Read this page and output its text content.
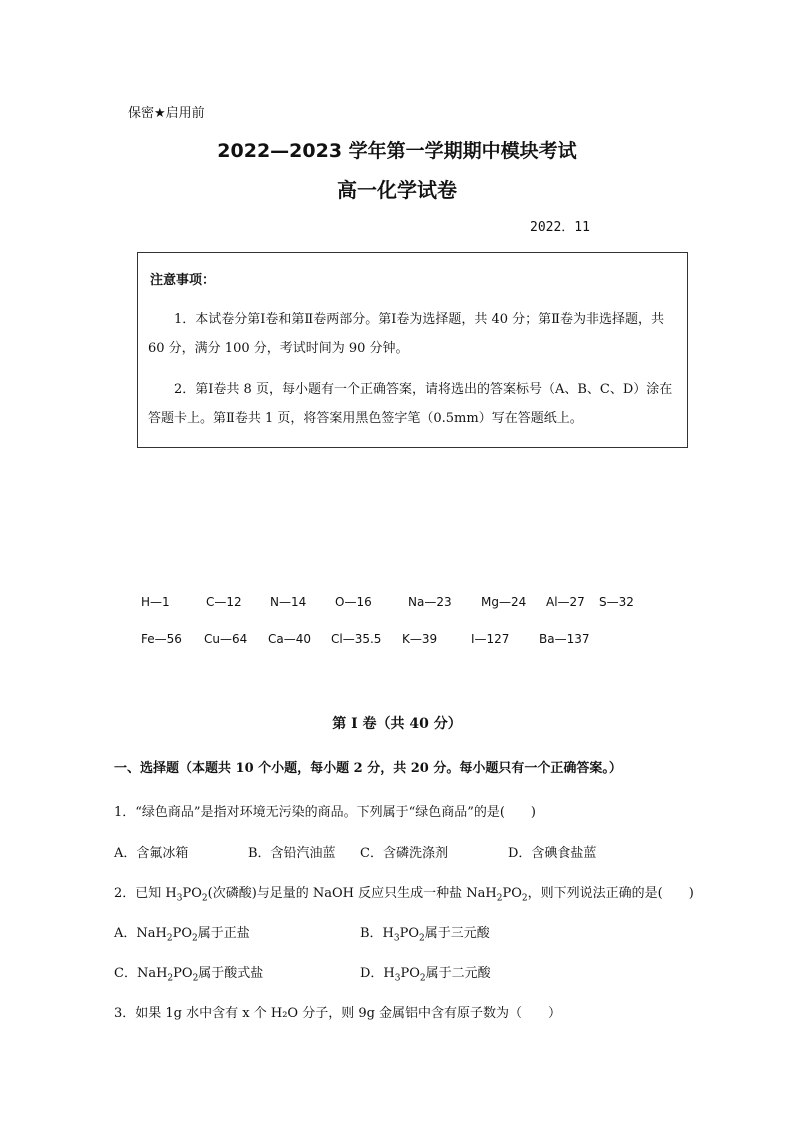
保密★启用前
2022—2023 学年第一学期期中模块考试
高一化学试卷
2022．11
注意事项：
1．本试卷分第Ⅰ卷和第Ⅱ卷两部分。第Ⅰ卷为选择题，共 40 分；第Ⅱ卷为非选择题，共 60 分，满分 100 分，考试时间为 90 分钟。
2．第Ⅰ卷共 8 页，每小题有一个正确答案，请将选出的答案标号（A、B、C、D）涂在答题卡上。第Ⅱ卷共 1 页，将答案用黑色签字笔（0.5mm）写在答题纸上。
H—1	C—12 N—14 O—16	Na—23 Mg—24 Al—27 S—32
Fe—56 Cu—64 Ca—40 Cl—35.5 K—39	I—127 Ba—137
第 I 卷（共 40 分）
一、选择题（本题共 10 个小题，每小题 2 分，共 20 分。每小题只有一个正确答案。）
1．“绿色商品”是指对环境无污染的商品。下列属于“绿色商品”的是(　　)
A．含氟冰箱	B．含铅汽油蓝 C．含磷洗涤剂	D．含碘食盐蓝
2．已知 $H_3PO_2$(次磷酸)与足量的 NaOH 反应只生成一种盐 $NaH_2PO_2$，则下列说法正确的是(　　)
A．$NaH_2PO_2$属于正盐	B．$H_3PO_2$属于三元酸
C．$NaH_2PO_2$属于酸式盐	D．$H_3PO_2$属于二元酸
3．如果 1g 水中含有 x 个 H₂O 分子，则 9g 金属铝中含有原子数为（　　）
